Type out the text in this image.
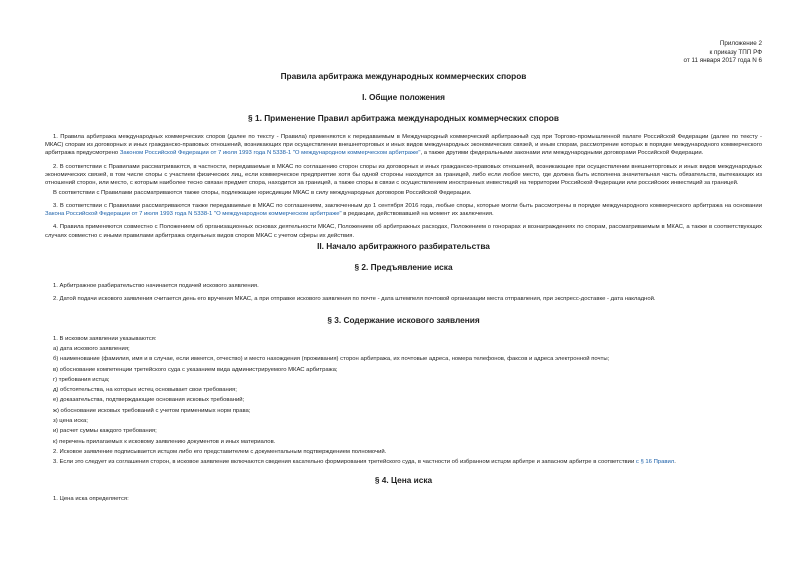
Приложение 2
к приказу ТПП РФ
от 11 января 2017 года N 6
Правила арбитража международных коммерческих споров
I. Общие положения
§ 1. Применение Правил арбитража международных коммерческих споров

1. Правила арбитража международных коммерческих споров (далее по тексту - Правила) применяются к передаваемым в Международный коммерческий арбитражный суд при Торгово-промышленной палате Российской Федерации (далее по тексту - МКАС) спорам из договорных и иных гражданско-правовых отношений, возникающих при осуществлении внешнеторговых и иных видов международных экономических связей, и иным спорам, рассмотрение которых в порядке международного коммерческого арбитража предусмотрено Законом Российской Федерации от 7 июля 1993 года N 5338-1 "О международном коммерческом арбитраже", а также другими федеральными законами или международными договорами Российской Федерации.

2. В соответствии с Правилами рассматриваются, в частности, передаваемые в МКАС по соглашению сторон споры из договорных и иных гражданско-правовых отношений, возникающие при осуществлении внешнеторговых и иных видов международных экономических связей, в том числе споры с участием физических лиц, если коммерческое предприятие хотя бы одной стороны находится за границей, либо если любое место, где должна быть исполнена значительная часть обязательств, вытекающих из отношений сторон, или место, с которым наиболее тесно связан предмет спора, находится за границей, а также споры в связи с осуществлением иностранных инвестиций на территории Российской Федерации или российских инвестиций за границей.

В соответствии с Правилами рассматриваются также споры, подлежащие юрисдикции МКАС в силу международных договоров Российской Федерации.

3. В соответствии с Правилами рассматриваются также передаваемые в МКАС по соглашениям, заключенным до 1 сентября 2016 года, любые споры, которые могли быть рассмотрены в порядке международного коммерческого арбитража на основании Закона Российской Федерации от 7 июля 1993 года N 5338-1 "О международном коммерческом арбитраже" в редакции, действовавшей на момент их заключения.

4. Правила применяются совместно с Положением об организационных основах деятельности МКАС, Положением об арбитражных расходах, Положением о гонорарах и вознаграждениях по спорам, рассматриваемым в МКАС, а также в соответствующих случаях совместно с иными правилами арбитража отдельных видов споров МКАС с учетом сферы их действия.

II. Начало арбитражного разбирательства
§ 2. Предъявление иска

1. Арбитражное разбирательство начинается подачей искового заявления.

2. Датой подачи искового заявления считается день его вручения МКАС, а при отправке искового заявления по почте - дата штемпеля почтовой организации места отправления, при экспресс-доставке - дата накладной.

§ 3. Содержание искового заявления

1. В исковом заявлении указываются:

а) дата искового заявления;

б) наименование (фамилия, имя и в случае, если имеется, отчество) и место нахождения (проживания) сторон арбитража, их почтовые адреса, номера телефонов, факсов и адреса электронной почты;

в) обоснование компетенции третейского суда с указанием вида администрируемого МКАС арбитража;

г) требования истца;

д) обстоятельства, на которых истец основывает свои требования;

е) доказательства, подтверждающие основания исковых требований;

ж) обоснование исковых требований с учетом применимых норм права;

з) цена иска;

и) расчет суммы каждого требования;

к) перечень прилагаемых к исковому заявлению документов и иных материалов.

2. Исковое заявление подписывается истцом либо его представителем с документальным подтверждением полномочий.

3. Если это следует из соглашения сторон, в исковое заявление включаются сведения касательно формирования третейского суда, в частности об избранном истцом арбитре и запасном арбитре в соответствии с § 16 Правил.

§ 4. Цена иска

1. Цена иска определяется:
